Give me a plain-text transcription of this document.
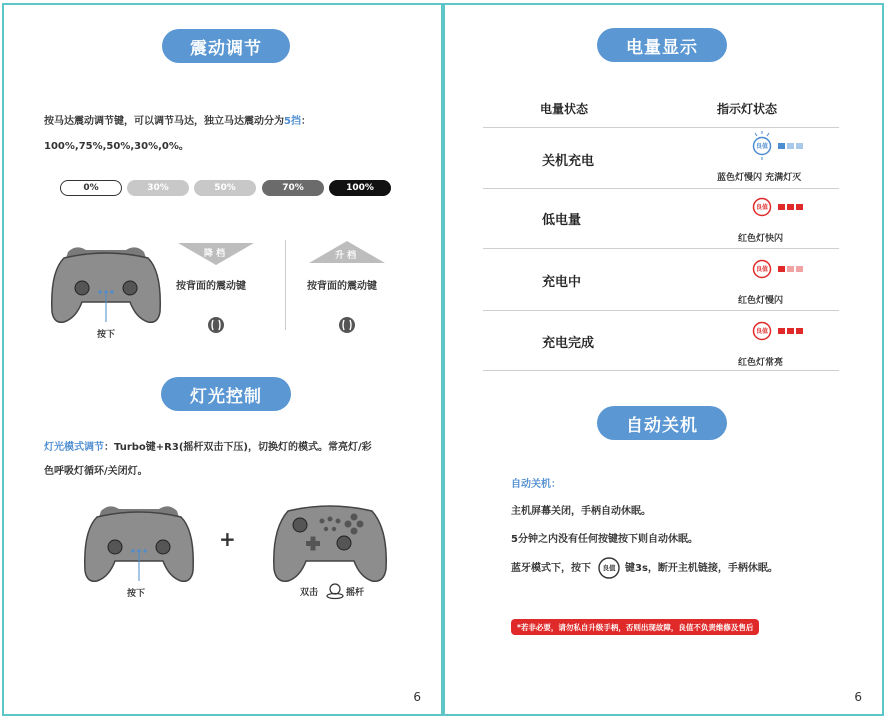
震动调节
按马达震动调节键，可以调节马达，独立马达震动分为5挡：
100%,75%,50%,30%,0%。
0%	30%	50%	70%	100%
按下
降 档
按背面的震动键
升 档
按背面的震动键
灯光控制
灯光模式调节：Turbo键+R3(摇杆双击下压)，切换灯的模式。常亮灯/彩
色呼吸灯循环/关闭灯。
按下
+
双击	摇杆
6
电量显示
电量状态	指示灯状态
关机充电
良值
蓝色灯慢闪 充满灯灭
低电量
良值
红色灯快闪
充电中
良值
红色灯慢闪
充电完成
良值
红色灯常亮
自动关机
自动关机：
主机屏幕关闭，手柄自动休眠。
5分钟之内没有任何按键按下则自动休眠。
蓝牙模式下，按下 良值 键3s，断开主机链接，手柄休眠。
*若非必要，请勿私自升级手柄，否则出现故障，良值不负责维修及售后
6
